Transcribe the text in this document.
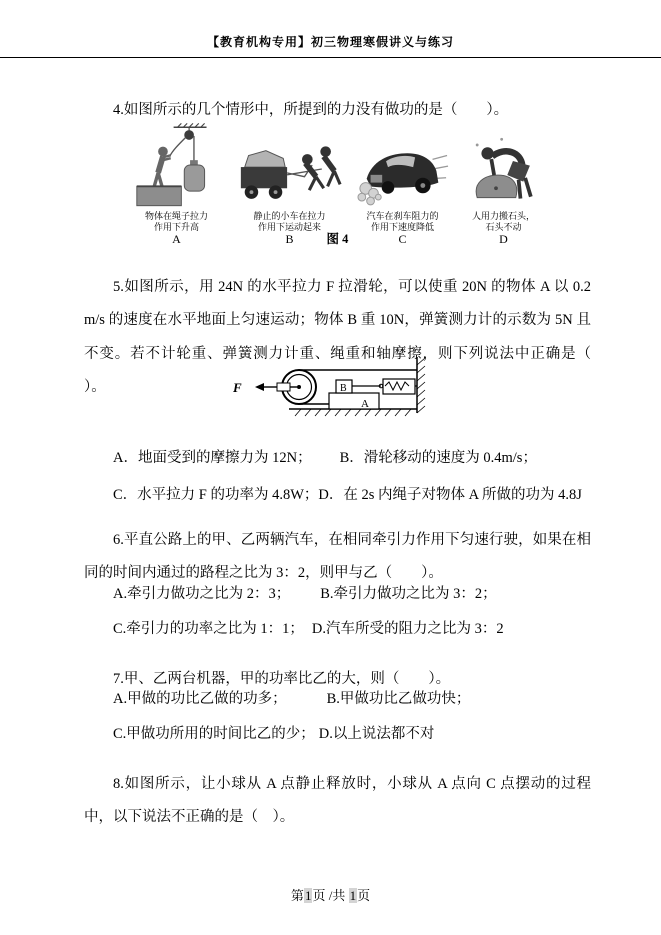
【教育机构专用】初三物理寒假讲义与练习

4.如图所示的几个情形中，所提到的力没有做功的是（　　）。

物体在绳子拉力
作用下升高
A
静止的小车在拉力
作用下运动起来
B
汽车在刹车阻力的
作用下速度降低
C
人用力搬石头，
石头不动
D
图 4

5.如图所示，用 24N 的水平拉力 F 拉滑轮，可以使重 20N 的物体 A 以 0.2m/s 的速度在水平地面上匀速运动；物体 B 重 10N，弹簧测力计的示数为 5N 且不变。若不计轮重、弹簧测力计重、绳重和轴摩擦，则下列说法中正确是（　　）。	F
A
B
A．地面受到的摩擦力为 12N； B．滑轮移动的速度为 0.4m/s；
C．水平拉力 F 的功率为 4.8W；D．在 2s 内绳子对物体 A 所做的功为 4.8J

6.平直公路上的甲、乙两辆汽车，在相同牵引力作用下匀速行驶，如果在相同的时间内通过的路程之比为 3：2，则甲与乙（　　）。

A.牵引力做功之比为 2：3； B.牵引力做功之比为 3：2；
C.牵引力的功率之比为 1：1； D.汽车所受的阻力之比为 3：2

7.甲、乙两台机器，甲的功率比乙的大，则（　　）。

A.甲做的功比乙做的功多；	B.甲做功比乙做功快；
C.甲做功所用的时间比乙的少； D.以上说法都不对

8.如图所示，让小球从 A 点静止释放时，小球从 A 点向 C 点摆动的过程中，以下说法不正确的是（　）。

第1页 /共 1页
